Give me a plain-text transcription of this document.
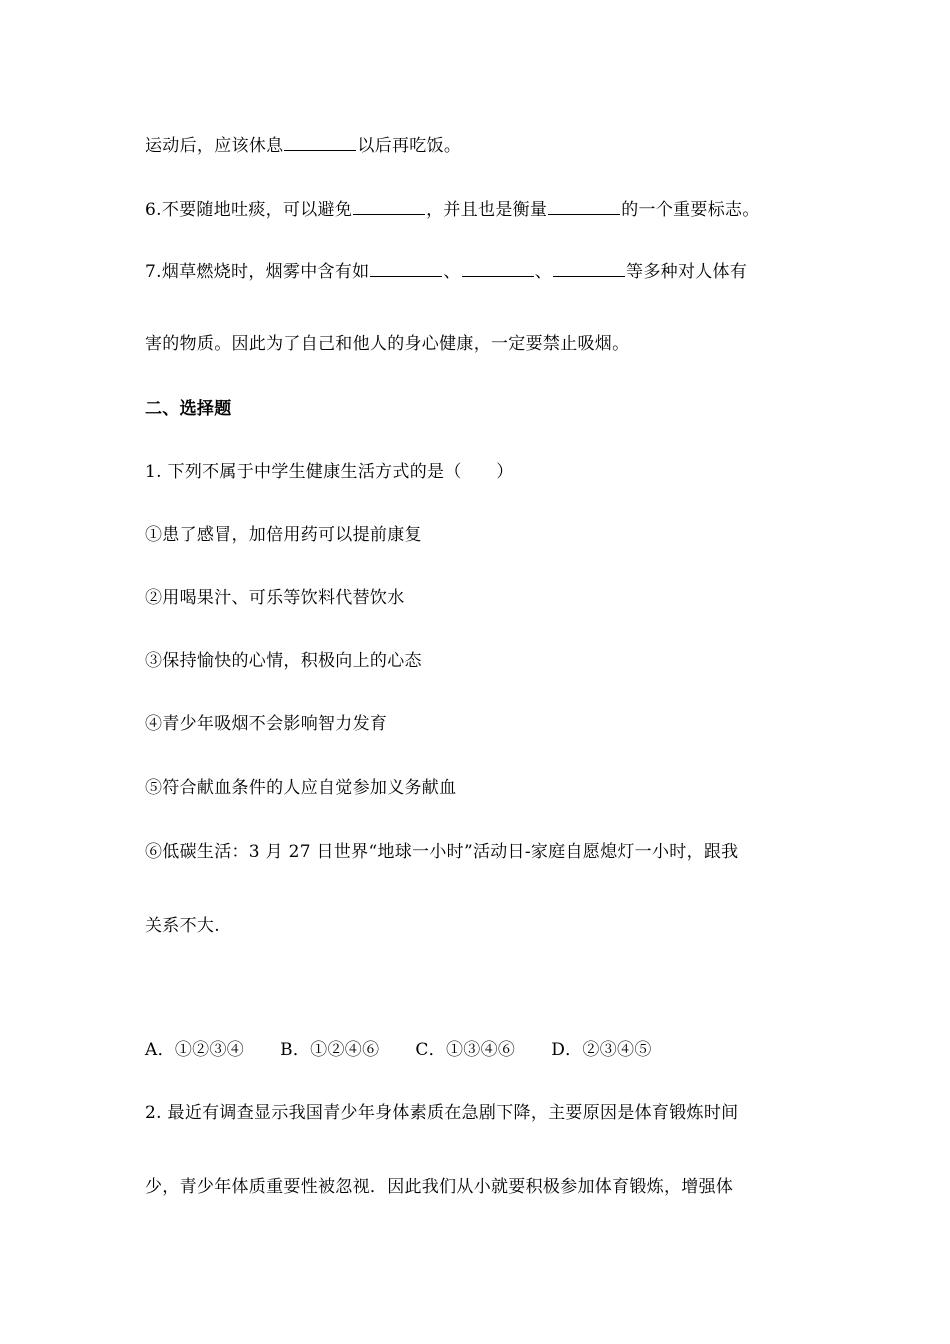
运动后，应该休息	以后再吃饭。
6.不要随地吐痰，可以避免	，并且也是衡量	的一个重要标志。
7.烟草燃烧时，烟雾中含有如	、	、	等多种对人体有
害的物质。因此为了自己和他人的身心健康，一定要禁止吸烟。
二、选择题
1. 下列不属于中学生健康生活方式的是（　　）
①患了感冒，加倍用药可以提前康复
②用喝果汁、可乐等饮料代替饮水
③保持愉快的心情，积极向上的心态
④青少年吸烟不会影响智力发育
⑤符合献血条件的人应自觉参加义务献血
⑥低碳生活：3 月 27 日世界“地球一小时”活动日-家庭自愿熄灯一小时，跟我
关系不大.
A．①②③④ B．①②④⑥ C．①③④⑥ D．②③④⑤
2. 最近有调查显示我国青少年身体素质在急剧下降，主要原因是体育锻炼时间
少，青少年体质重要性被忽视．因此我们从小就要积极参加体育锻炼，增强体
